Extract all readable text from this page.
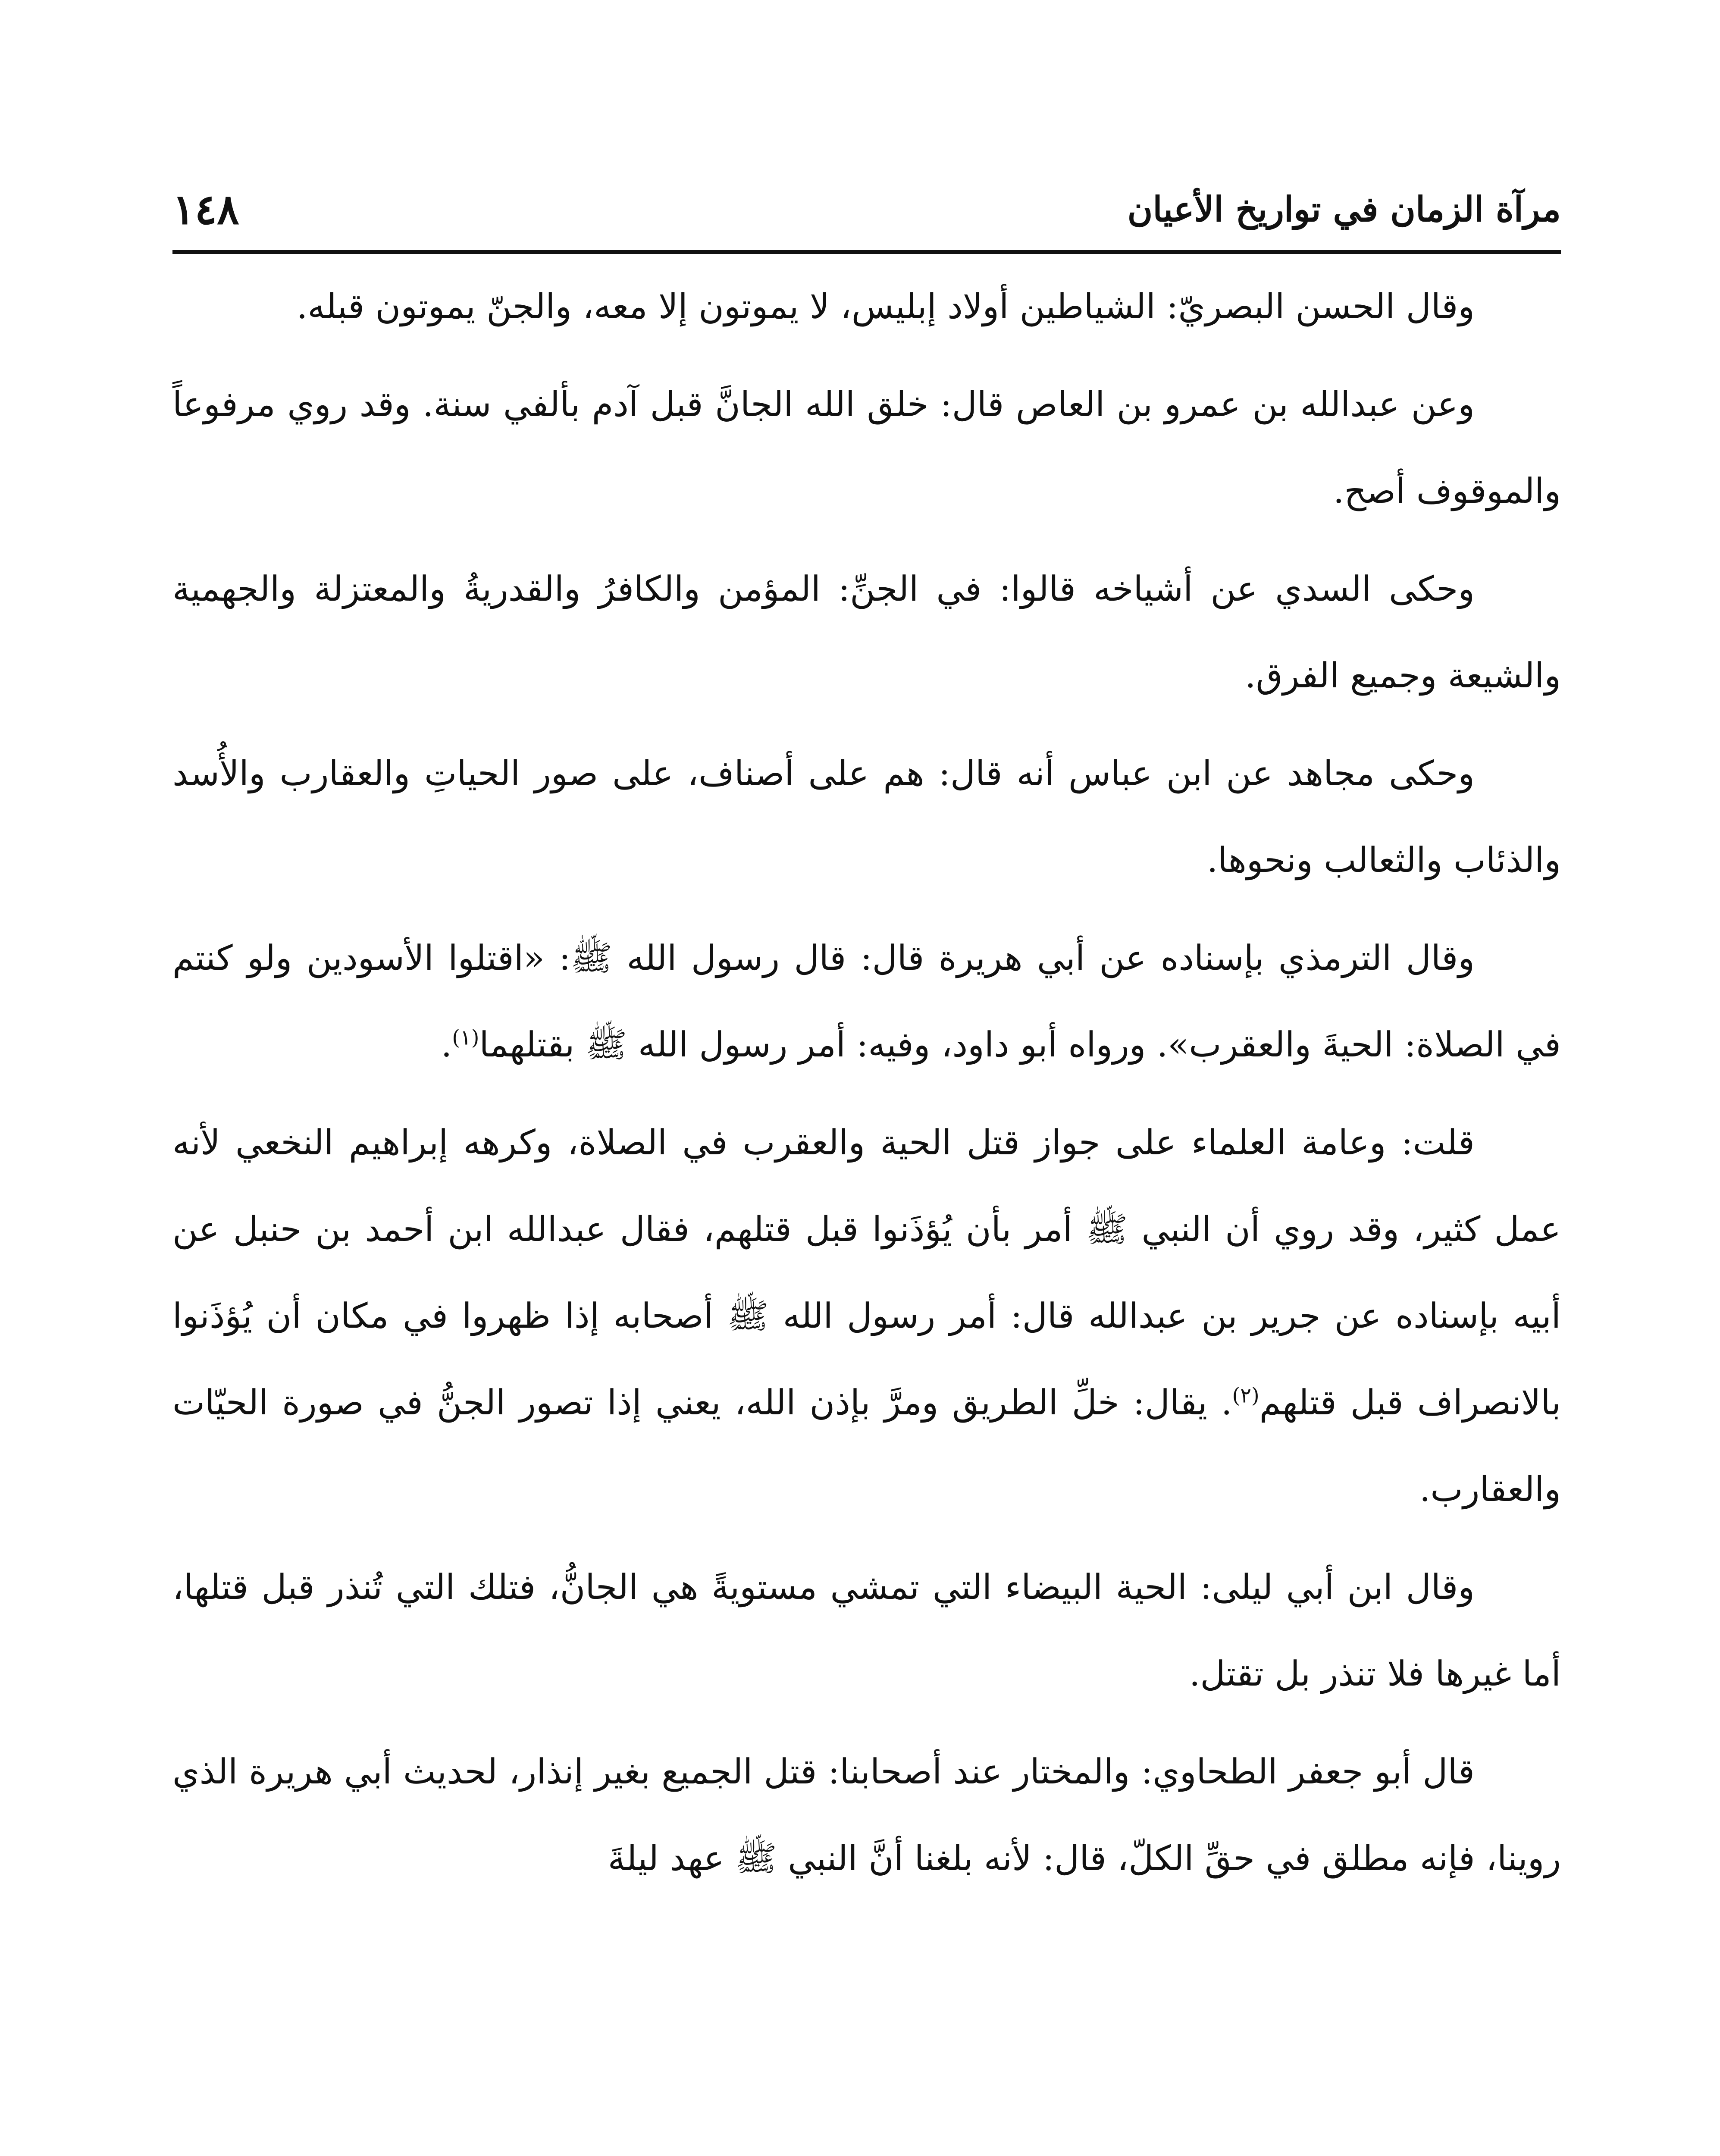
١٤٨	مرآة الزمان في تواريخ الأعيان

وقال الحسن البصريّ: الشياطين أولاد إبليس، لا يموتون إلا معه، والجنّ يموتون قبله.

وعن عبدالله بن عمرو بن العاص قال: خلق الله الجانَّ قبل آدم بألفي سنة. وقد روي مرفوعاً والموقوف أصح.

وحكى السدي عن أشياخه قالوا: في الجنِّ: المؤمن والكافرُ والقدريةُ والمعتزلة والجهمية والشيعة وجميع الفرق.

وحكى مجاهد عن ابن عباس أنه قال: هم على أصناف، على صور الحياتِ والعقارب والأُسد والذئاب والثعالب ونحوها.

وقال الترمذي بإسناده عن أبي هريرة قال: قال رسول الله ﷺ: «اقتلوا الأسودين ولو كنتم في الصلاة: الحيةَ والعقرب». ورواه أبو داود، وفيه: أمر رسول الله ﷺ بقتلهما$^{(١)}$.

قلت: وعامة العلماء على جواز قتل الحية والعقرب في الصلاة، وكرهه إبراهيم النخعي لأنه عمل كثير، وقد روي أن النبي ﷺ أمر بأن يُؤذَنوا قبل قتلهم، فقال عبدالله ابن أحمد بن حنبل عن أبيه بإسناده عن جرير بن عبدالله قال: أمر رسول الله ﷺ أصحابه إذا ظهروا في مكان أن يُؤذَنوا بالانصراف قبل قتلهم$^{(٢)}$. يقال: خلِّ الطريق ومرَّ بإذن الله، يعني إذا تصور الجنُّ في صورة الحيّات والعقارب.

وقال ابن أبي ليلى: الحية البيضاء التي تمشي مستويةً هي الجانُّ، فتلك التي تُنذر قبل قتلها، أما غيرها فلا تنذر بل تقتل.

قال أبو جعفر الطحاوي: والمختار عند أصحابنا: قتل الجميع بغير إنذار، لحديث أبي هريرة الذي روينا، فإنه مطلق في حقِّ الكلّ، قال: لأنه بلغنا أنَّ النبي ﷺ عهد ليلةَ
